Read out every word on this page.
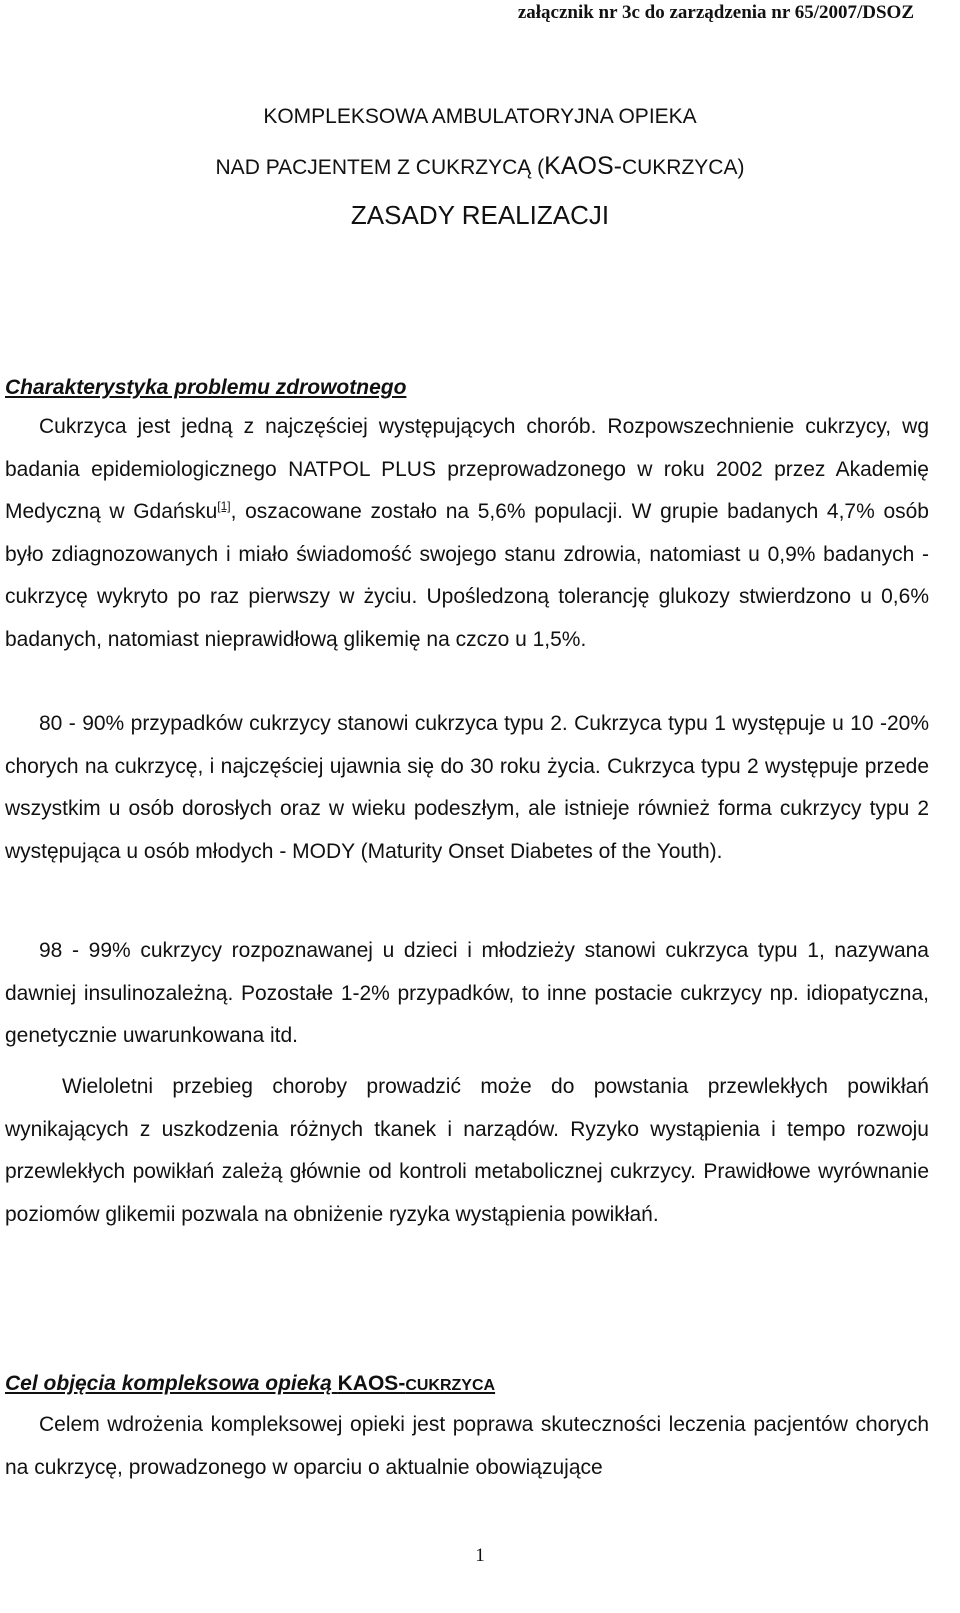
załącznik nr 3c do zarządzenia nr 65/2007/DSOZ
KOMPLEKSOWA AMBULATORYJNA OPIEKA
NAD PACJENTEM Z CUKRZYCĄ (KAOS-CUKRZYCA)
ZASADY REALIZACJI
Charakterystyka problemu zdrowotnego
Cukrzyca jest jedną z najczęściej występujących chorób. Rozpowszechnienie cukrzycy, wg badania epidemiologicznego NATPOL PLUS przeprowadzonego w roku 2002 przez Akademię Medyczną w Gdańsku[1], oszacowane zostało na 5,6% populacji. W grupie badanych 4,7% osób było zdiagnozowanych i miało świadomość swojego stanu zdrowia, natomiast u 0,9% badanych - cukrzycę wykryto po raz pierwszy w życiu. Upośledzoną tolerancję glukozy stwierdzono u 0,6% badanych, natomiast nieprawidłową glikemię na czczo u 1,5%.
80 - 90% przypadków cukrzycy stanowi cukrzyca typu 2. Cukrzyca typu 1 występuje u 10 -20% chorych na cukrzycę, i najczęściej ujawnia się do 30 roku życia. Cukrzyca typu 2 występuje przede wszystkim u osób dorosłych oraz w wieku podeszłym, ale istnieje również forma cukrzycy typu 2 występująca u osób młodych - MODY (Maturity Onset Diabetes of the Youth).
98 - 99% cukrzycy rozpoznawanej u dzieci i młodzieży stanowi cukrzyca typu 1, nazywana dawniej insulinozależną. Pozostałe 1-2% przypadków, to inne postacie cukrzycy np. idiopatyczna, genetycznie uwarunkowana itd.
Wieloletni przebieg choroby prowadzić może do powstania przewlekłych powikłań wynikających z uszkodzenia różnych tkanek i narządów. Ryzyko wystąpienia i tempo rozwoju przewlekłych powikłań zależą głównie od kontroli metabolicznej cukrzycy. Prawidłowe wyrównanie poziomów glikemii pozwala na obniżenie ryzyka wystąpienia powikłań.
Cel objęcia kompleksowa opieką KAOS-CUKRZYCA
Celem wdrożenia kompleksowej opieki jest poprawa skuteczności leczenia pacjentów chorych na cukrzycę, prowadzonego w oparciu o aktualnie obowiązujące
1
